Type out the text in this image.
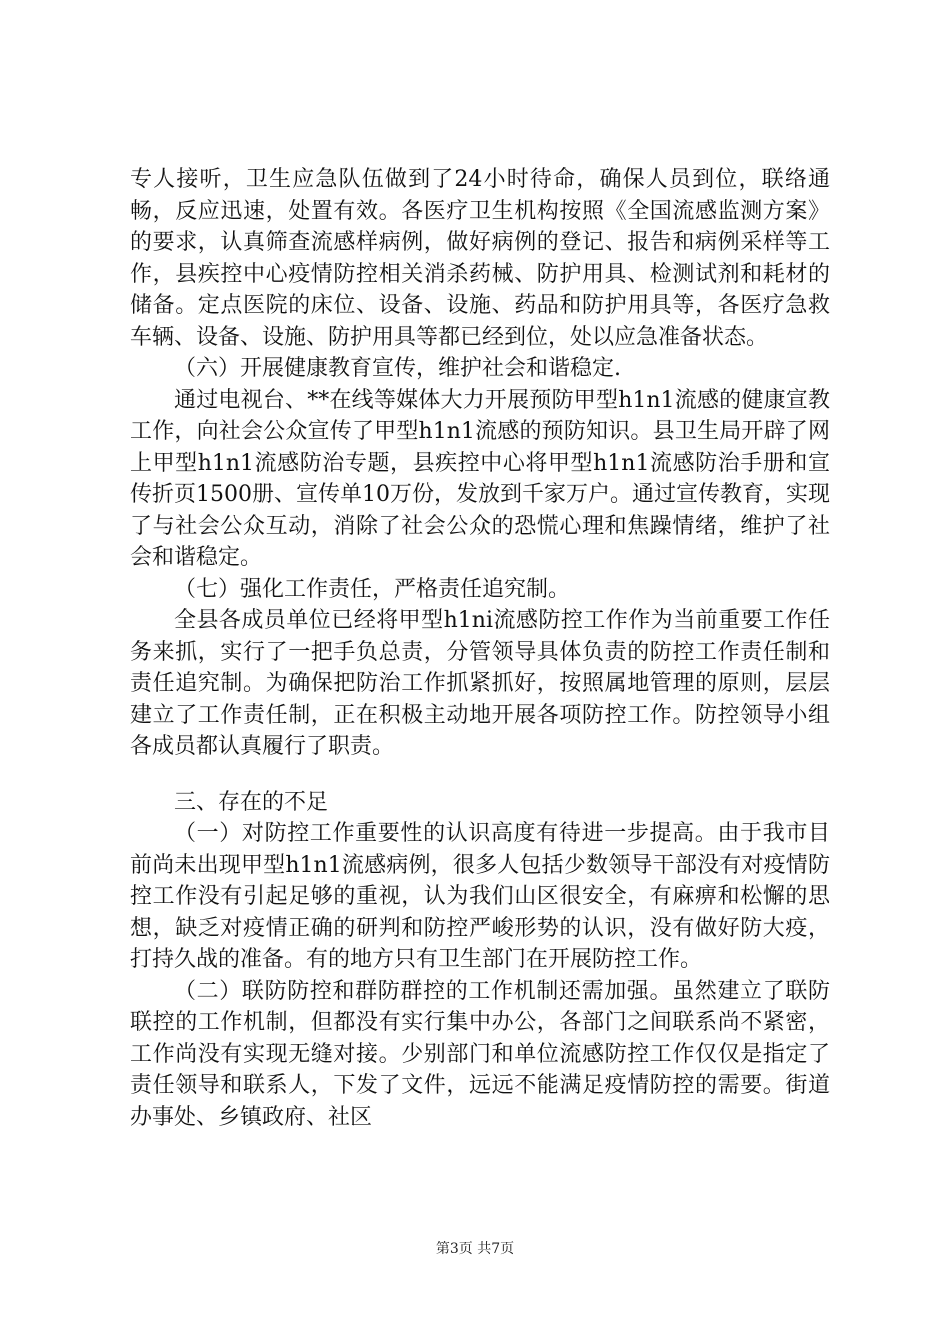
专人接听，卫生应急队伍做到了24小时待命，确保人员到位，联络通畅，反应迅速，处置有效。各医疗卫生机构按照《全国流感监测方案》的要求，认真筛查流感样病例，做好病例的登记、报告和病例采样等工作，县疾控中心疫情防控相关消杀药械、防护用具、检测试剂和耗材的储备。定点医院的床位、设备、设施、药品和防护用具等，各医疗急救车辆、设备、设施、防护用具等都已经到位，处以应急准备状态。

（六）开展健康教育宣传，维护社会和谐稳定.

通过电视台、**在线等媒体大力开展预防甲型h1n1流感的健康宣教工作，向社会公众宣传了甲型h1n1流感的预防知识。县卫生局开辟了网上甲型h1n1流感防治专题，县疾控中心将甲型h1n1流感防治手册和宣传折页1500册、宣传单10万份，发放到千家万户。通过宣传教育，实现了与社会公众互动，消除了社会公众的恐慌心理和焦躁情绪，维护了社会和谐稳定。

（七）强化工作责任，严格责任追究制。

全县各成员单位已经将甲型h1ni流感防控工作作为当前重要工作任务来抓，实行了一把手负总责，分管领导具体负责的防控工作责任制和责任追究制。为确保把防治工作抓紧抓好，按照属地管理的原则，层层建立了工作责任制，正在积极主动地开展各项防控工作。防控领导小组各成员都认真履行了职责。

三、存在的不足

（一）对防控工作重要性的认识高度有待进一步提高。由于我市目前尚未出现甲型h1n1流感病例，很多人包括少数领导干部没有对疫情防控工作没有引起足够的重视，认为我们山区很安全，有麻痹和松懈的思想，缺乏对疫情正确的研判和防控严峻形势的认识，没有做好防大疫，打持久战的准备。有的地方只有卫生部门在开展防控工作。

（二）联防防控和群防群控的工作机制还需加强。虽然建立了联防联控的工作机制，但都没有实行集中办公，各部门之间联系尚不紧密，工作尚没有实现无缝对接。少别部门和单位流感防控工作仅仅是指定了责任领导和联系人，下发了文件，远远不能满足疫情防控的需要。街道办事处、乡镇政府、社区

第3页 共7页
